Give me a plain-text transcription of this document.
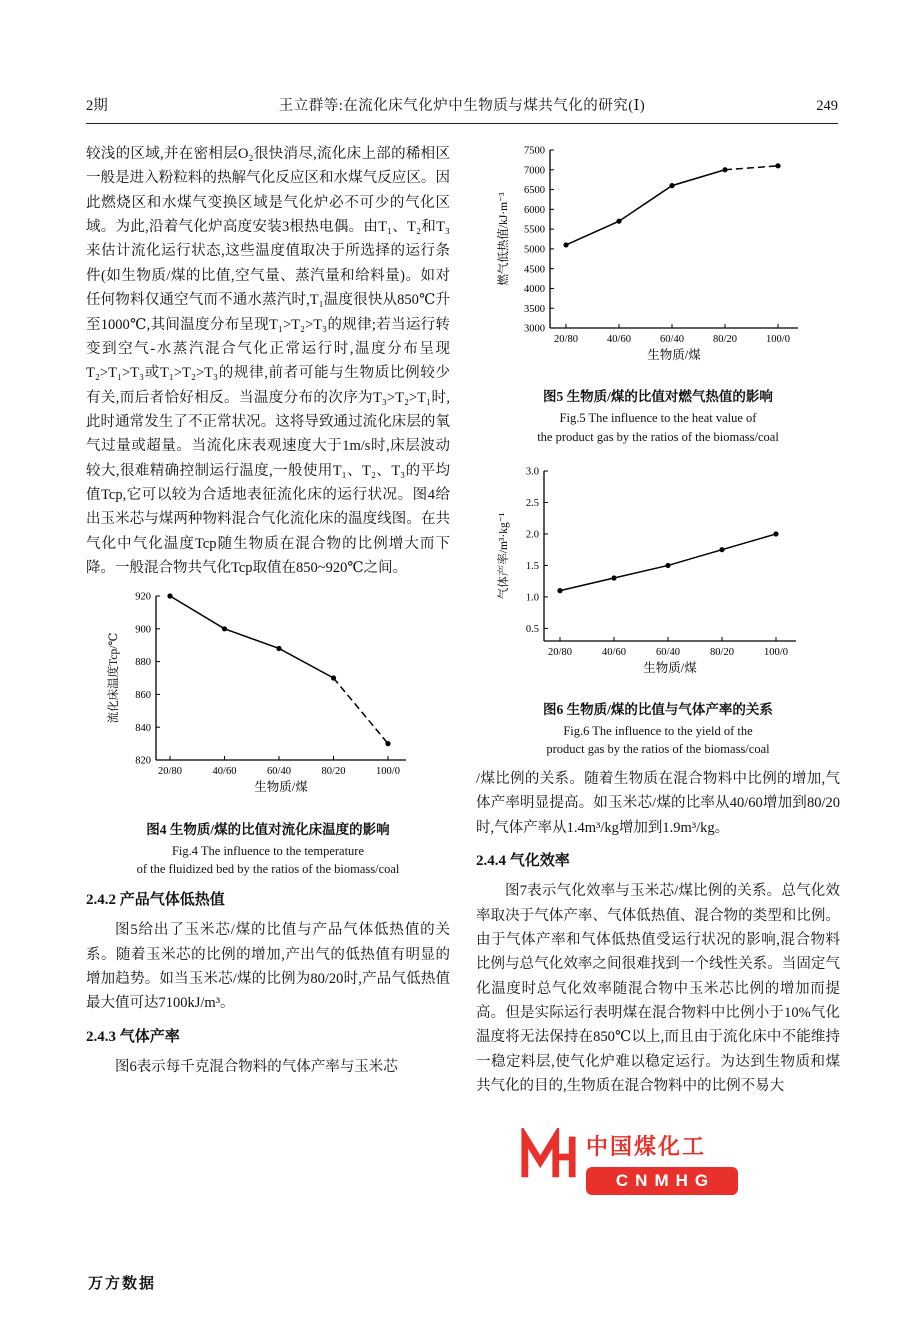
2期	王立群等:在流化床气化炉中生物质与煤共气化的研究(Ⅰ)	249

较浅的区域,并在密相层O₂很快消尽,流化床上部的稀相区一般是进入粉粒料的热解气化反应区和水煤气反应区。因此燃烧区和水煤气变换区域是气化炉必不可少的气化区域。为此,沿着气化炉高度安装3根热电偶。由T₁、T₂和T₃来估计流化运行状态,这些温度值取决于所选择的运行条件(如生物质/煤的比值,空气量、蒸汽量和给料量)。如对任何物料仅通空气而不通水蒸汽时,T₁温度很快从850℃升至1000℃,其间温度分布呈现T₁>T₂>T₃的规律;若当运行转变到空气-水蒸汽混合气化正常运行时,温度分布呈现T₂>T₁>T₃或T₁>T₂>T₃的规律,前者可能与生物质比例较少有关,而后者恰好相反。当温度分布的次序为T₃>T₂>T₁时,此时通常发生了不正常状况。这将导致通过流化床层的氧气过量或超量。当流化床表观速度大于1m/s时,床层波动较大,很难精确控制运行温度,一般使用T₁、T₂、T₃的平均值Tcp,它可以较为合适地表征流化床的运行状况。图4给出玉米芯与煤两种物料混合气化流化床的温度线图。在共气化中气化温度Tcp随生物质在混合物的比例增大而下降。一般混合物共气化Tcp取值在850~920℃之间。

820
840
860
880
900
920
20/80	40/60	60/40	80/20	100/0
生物质/煤
流化床温度Tcp/℃
图4 生物质/煤的比值对流化床温度的影响
Fig.4 The influence to the temperature
of the fluidized bed by the ratios of the biomass/coal
2.4.2 产品气体低热值

图5给出了玉米芯/煤的比值与产品气体低热值的关系。随着玉米芯的比例的增加,产出气的低热值有明显的增加趋势。如当玉米芯/煤的比例为80/20时,产品气低热值最大值可达7100kJ/m³。

2.4.3 气体产率

图6表示每千克混合物料的气体产率与玉米芯

3000
3500
4000
4500
5000
5500
6000
6500
7000
7500
20/80	40/60	60/40	80/20	100/0
生物质/煤
燃气低热值/kJ·m⁻³
图5 生物质/煤的比值对燃气热值的影响
Fig.5 The influence to the heat value of
the product gas by the ratios of the biomass/coal
0.5
1.0
1.5
2.0
2.5
3.0
20/80	40/60	60/40	80/20	100/0
生物质/煤
气体产率/m³·kg⁻¹
图6 生物质/煤的比值与气体产率的关系
Fig.6 The influence to the yield of the
product gas by the ratios of the biomass/coal

/煤比例的关系。随着生物质在混合物料中比例的增加,气体产率明显提高。如玉米芯/煤的比率从40/60增加到80/20时,气体产率从1.4m³/kg增加到1.9m³/kg。

2.4.4 气化效率

图7表示气化效率与玉米芯/煤比例的关系。总气化效率取决于气体产率、气体低热值、混合物的类型和比例。由于气体产率和气体低热值受运行状况的影响,混合物料比例与总气化效率之间很难找到一个线性关系。当固定气化温度时总气化效率随混合物中玉米芯比例的增加而提高。但是实际运行表明煤在混合物料中比例小于10%气化温度将无法保持在850℃以上,而且由于流化床中不能维持一稳定料层,使气化炉难以稳定运行。为达到生物质和煤共气化的目的,生物质在混合物料中的比例不易大

中国煤化工
CNMHG
万方数据
